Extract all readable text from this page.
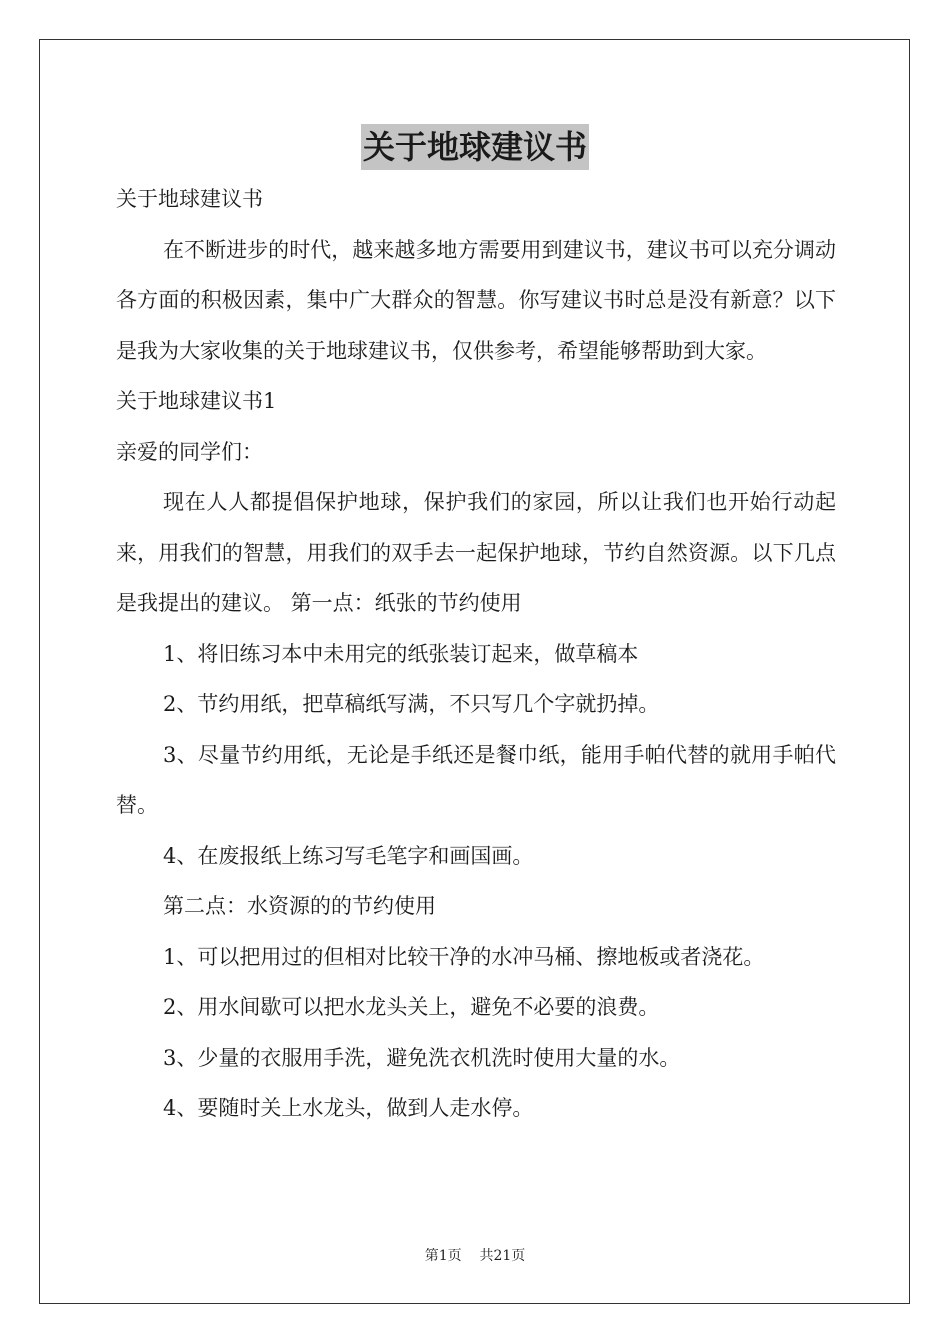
关于地球建议书
关于地球建议书
在不断进步的时代，越来越多地方需要用到建议书，建议书可以充分调动各方面的积极因素，集中广大群众的智慧。你写建议书时总是没有新意？以下是我为大家收集的关于地球建议书，仅供参考，希望能够帮助到大家。
关于地球建议书1
亲爱的同学们：
现在人人都提倡保护地球，保护我们的家园，所以让我们也开始行动起来，用我们的智慧，用我们的双手去一起保护地球，节约自然资源。以下几点是我提出的建议。 第一点：纸张的节约使用
1、将旧练习本中未用完的纸张装订起来，做草稿本
2、节约用纸，把草稿纸写满，不只写几个字就扔掉。
3、尽量节约用纸，无论是手纸还是餐巾纸，能用手帕代替的就用手帕代替。
4、在废报纸上练习写毛笔字和画国画。
第二点：水资源的的节约使用
1、可以把用过的但相对比较干净的水冲马桶、擦地板或者浇花。
2、用水间歇可以把水龙头关上，避免不必要的浪费。
3、少量的衣服用手洗，避免洗衣机洗时使用大量的水。
4、要随时关上水龙头，做到人走水停。
第1页 共21页
